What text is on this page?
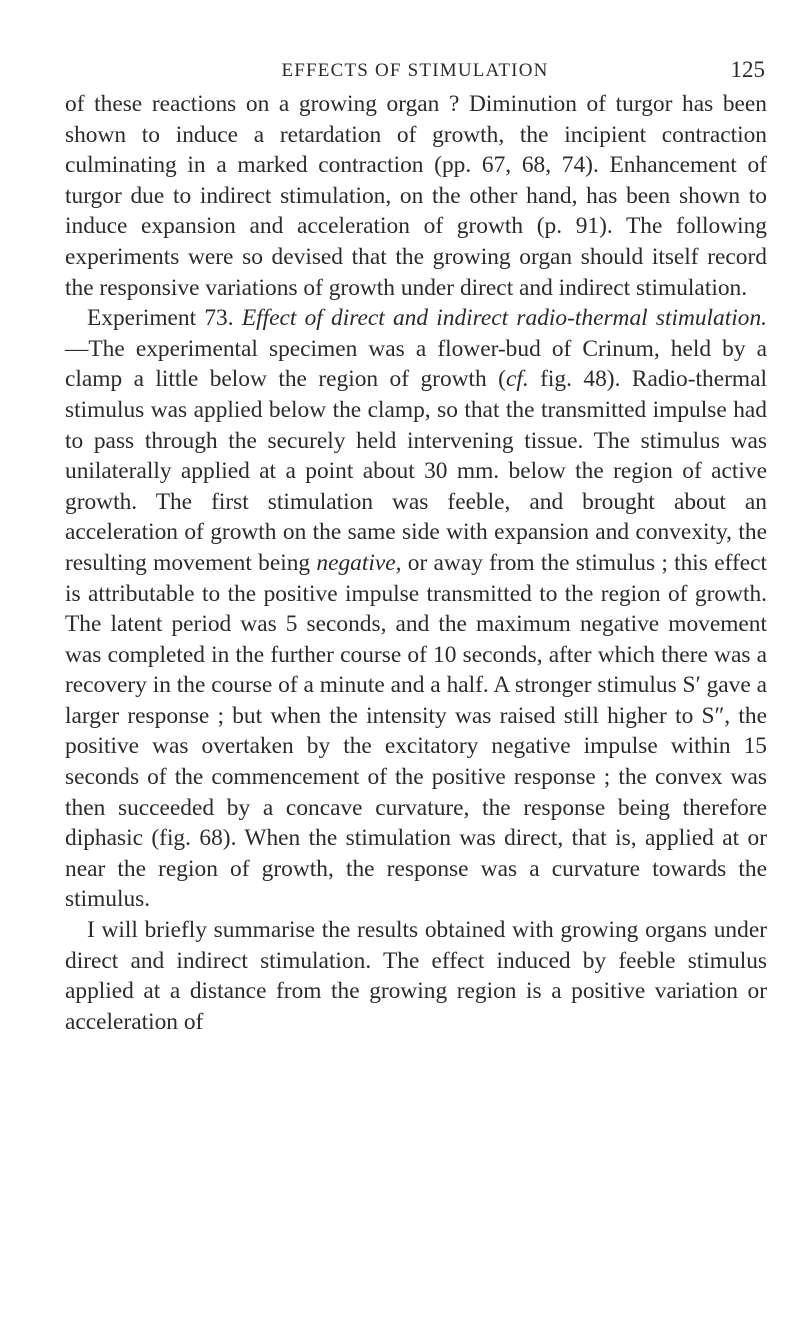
EFFECTS OF STIMULATION	125

of these reactions on a growing organ ? Diminution of turgor has been shown to induce a retardation of growth, the incipient contraction culminating in a marked contraction (pp. 67, 68, 74). Enhancement of turgor due to indirect stimulation, on the other hand, has been shown to induce expansion and acceleration of growth (p. 91). The following experiments were so devised that the growing organ should itself record the responsive variations of growth under direct and indirect stimulation.

Experiment 73. Effect of direct and indirect radio-thermal stimulation.—The experimental specimen was a flower-bud of Crinum, held by a clamp a little below the region of growth (cf. fig. 48). Radio-thermal stimulus was applied below the clamp, so that the transmitted impulse had to pass through the securely held intervening tissue. The stimulus was unilaterally applied at a point about 30 mm. below the region of active growth. The first stimulation was feeble, and brought about an acceleration of growth on the same side with expansion and convexity, the resulting movement being negative, or away from the stimulus ; this effect is attributable to the positive impulse transmitted to the region of growth. The latent period was 5 seconds, and the maximum negative movement was completed in the further course of 10 seconds, after which there was a recovery in the course of a minute and a half. A stronger stimulus S′ gave a larger response ; but when the intensity was raised still higher to S″, the positive was overtaken by the excitatory negative impulse within 15 seconds of the commencement of the positive response ; the convex was then succeeded by a concave curvature, the response being therefore diphasic (fig. 68). When the stimulation was direct, that is, applied at or near the region of growth, the response was a curvature towards the stimulus.

I will briefly summarise the results obtained with growing organs under direct and indirect stimulation. The effect induced by feeble stimulus applied at a distance from the growing region is a positive variation or acceleration of
